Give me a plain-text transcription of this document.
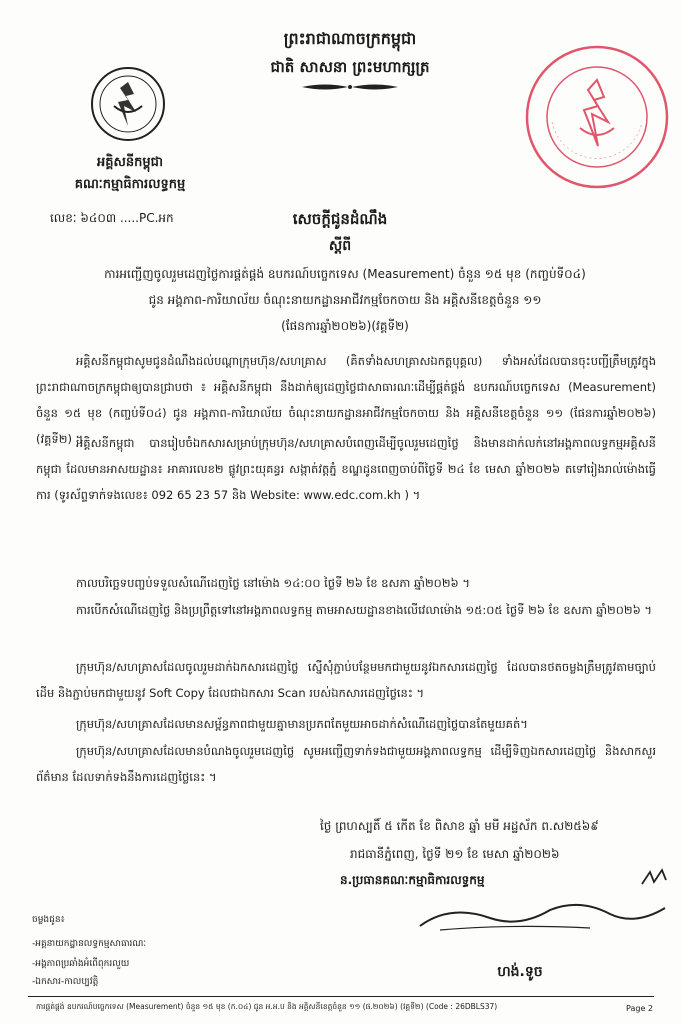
ព្រះរាជាណាចក្រកម្ពុជា
ជាតិ សាសនា ព្រះមហាក្សត្រ
អគ្គិសនីកម្ពុជា
គណៈកម្មាធិការលទ្ធកម្ម
លេខៈ ៦៤០៣ .....PC.អក	សេចក្តីជូនដំណឹង
ស្តីពី
ការអញ្ជើញចូលរួមដេញថ្លៃការផ្គត់ផ្គង់ ឧបករណ៍បច្ចេកទេស (Measurement) ចំនួន ១៥ មុខ (កញ្ចប់ទី០៤)
ជូន អង្គភាព-ការិយាល័យ ចំណុះនាយកដ្ឋានអាជីវកម្មចែកចាយ និង អគ្គិសនីខេត្តចំនួន ១១
(ផែនការឆ្នាំ២០២៦)(វគ្គទី២)
អគ្គិសនីកម្ពុជាសូមជូនដំណឹងដល់បណ្តាក្រុមហ៊ុន/សហគ្រាស (គិតទាំងសហគ្រាសឯកត្តបុគ្គល) ទាំងអស់ដែលបានចុះបញ្ជីត្រឹមត្រូវក្នុងព្រះរាជាណាចក្រកម្ពុជាឲ្យបានជ្រាបថា ៖ អគ្គិសនីកម្ពុជា នឹងដាក់ឲ្យដេញថ្លៃជាសាធារណៈដើម្បីផ្គត់ផ្គង់ ឧបករណ៍បច្ចេកទេស (Measurement) ចំនួន ១៥ មុខ (កញ្ចប់ទី០៤) ជូន អង្គភាព-ការិយាល័យ ចំណុះនាយកដ្ឋានអាជីវកម្មចែកចាយ និង អគ្គិសនីខេត្តចំនួន ១១ (ផែនការឆ្នាំ២០២៦)(វគ្គទី២) ។
អគ្គិសនីកម្ពុជា បានរៀបចំឯកសារសម្រាប់ក្រុមហ៊ុន/សហគ្រាសបំពេញដើម្បីចូលរួមដេញថ្លៃ និងមានដាក់លក់នៅអង្គភាពលទ្ធកម្មអគ្គិសនីកម្ពុជា ដែលមានអាសយដ្ឋាន៖ អាគារលេខ២ ផ្លូវព្រះយុគន្ធរ សង្កាត់វត្តភ្នំ ខណ្ឌដូនពេញចាប់ពីថ្ងៃទី ២៤ ខែ មេសា ឆ្នាំ២០២៦ តទៅរៀងរាល់ម៉ោងធ្វើការ (ទូរស័ព្ទទាក់ទងលេខ៖ 092 65 23 57 និង Website: www.edc.com.kh ) ។
កាលបរិច្ឆេទបញ្ចប់ទទួលសំណើដេញថ្លៃ នៅម៉ោង ១៤:០០ ថ្ងៃទី ២៦ ខែ ឧសភា ឆ្នាំ២០២៦ ។
ការបើកសំណើដេញថ្លៃ និងប្រព្រឹត្តទៅនៅអង្គភាពលទ្ធកម្ម តាមអាសយដ្ឋានខាងលើវេលាម៉ោង ១៥:០៥ ថ្ងៃទី ២៦ ខែ ឧសភា ឆ្នាំ២០២៦ ។
ក្រុមហ៊ុន/សហគ្រាសដែលចូលរួមដាក់ឯកសារដេញថ្លៃ ស្នើសុំភ្ជាប់បន្ថែមមកជាមួយនូវឯកសារដេញថ្លៃ ដែលបានថតចម្លងត្រឹមត្រូវតាមច្បាប់ដើម និងភ្ជាប់មកជាមួយនូវ Soft Copy ដែលជាឯកសារ Scan របស់ឯកសារដេញថ្លៃនេះ ។
ក្រុមហ៊ុន/សហគ្រាសដែលមានសម្ព័ន្ធភាពជាមួយគ្នាមានប្រភពតែមួយអាចដាក់សំណើដេញថ្លៃបានតែមួយគត់។
ក្រុមហ៊ុន/សហគ្រាសដែលមានបំណងចូលរួមដេញថ្លៃ សូមអញ្ជើញទាក់ទងជាមួយអង្គភាពលទ្ធកម្ម ដើម្បីទិញឯកសារដេញថ្លៃ និងសាកសួរព័ត៌មាន ដែលទាក់ទងនឹងការដេញថ្លៃនេះ ។
ថ្ងៃ ព្រហស្បតិ៍ ៥ កើត ខែ ពិសាខ ឆ្នាំ មមី អដ្ឋស័ក ព.ស២៥៦៩
រាជធានីភ្នំពេញ, ថ្ងៃទី ២១ ខែ មេសា ឆ្នាំ២០២៦
ន.ប្រធានគណៈកម្មាធិការលទ្ធកម្ម
ចម្លងជូន៖
-អគ្គនាយកដ្ឋានលទ្ធកម្មសាធារណៈ
-អង្គភាពប្រឆាំងអំពើពុករលួយ
-ឯកសារ-កាលប្បវត្តិ
ហង់.ទូច
ការផ្គត់ផ្គង់ ឧបករណ៍បច្ចេកទេស (Measurement) ចំនួន ១៥ មុខ (ក.០៤) ជូន អ.អ.ប និង អគ្គិសនីខេត្តចំនួន ១១ (ផ.២០២៦) (វគ្គទី២) (Code : 26DBLS37)	Page 2
